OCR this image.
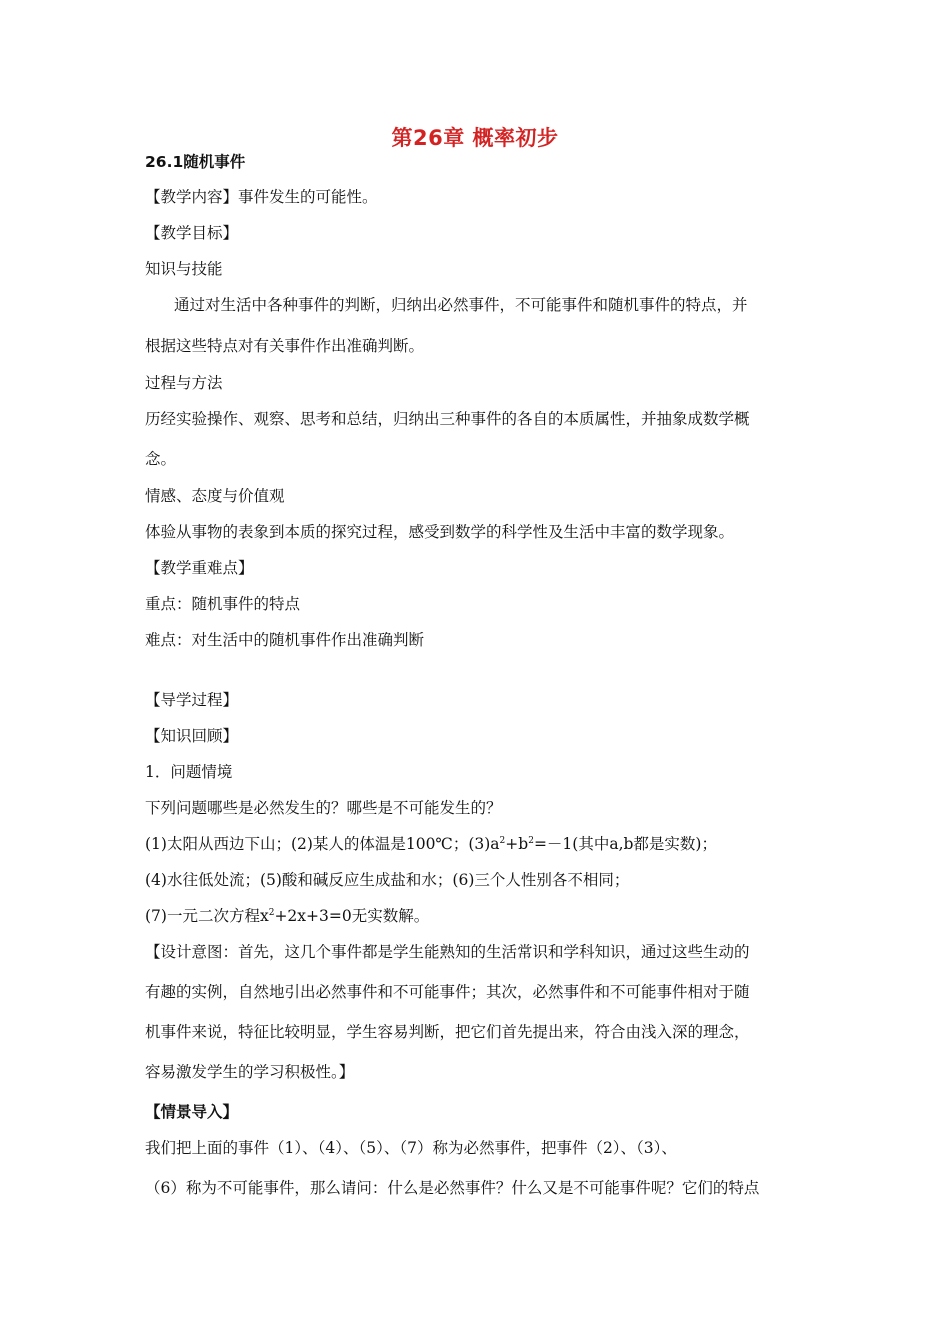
第26章 概率初步
26.1随机事件
【教学内容】事件发生的可能性。
【教学目标】
知识与技能
通过对生活中各种事件的判断，归纳出必然事件，不可能事件和随机事件的特点，并
根据这些特点对有关事件作出准确判断。
过程与方法
历经实验操作、观察、思考和总结，归纳出三种事件的各自的本质属性，并抽象成数学概
念。
情感、态度与价值观
体验从事物的表象到本质的探究过程，感受到数学的科学性及生活中丰富的数学现象。
【教学重难点】
重点：随机事件的特点
难点：对生活中的随机事件作出准确判断
【导学过程】
【知识回顾】
1．问题情境
下列问题哪些是必然发生的？哪些是不可能发生的？
(1)太阳从西边下山；(2)某人的体温是100℃；$(3)a^2+b^2=-1$(其中a,b都是实数)；
(4)水往低处流；(5)酸和碱反应生成盐和水；(6)三个人性别各不相同；
(7)一元二次方程$x^2+2x+3=0$无实数解。
【设计意图：首先，这几个事件都是学生能熟知的生活常识和学科知识，通过这些生动的
有趣的实例，自然地引出必然事件和不可能事件；其次，必然事件和不可能事件相对于随
机事件来说，特征比较明显，学生容易判断，把它们首先提出来，符合由浅入深的理念，
容易激发学生的学习积极性。】
【情景导入】
我们把上面的事件（1）、（4）、（5）、（7）称为必然事件，把事件（2）、（3）、
（6）称为不可能事件，那么请问：什么是必然事件？什么又是不可能事件呢？它们的特点
